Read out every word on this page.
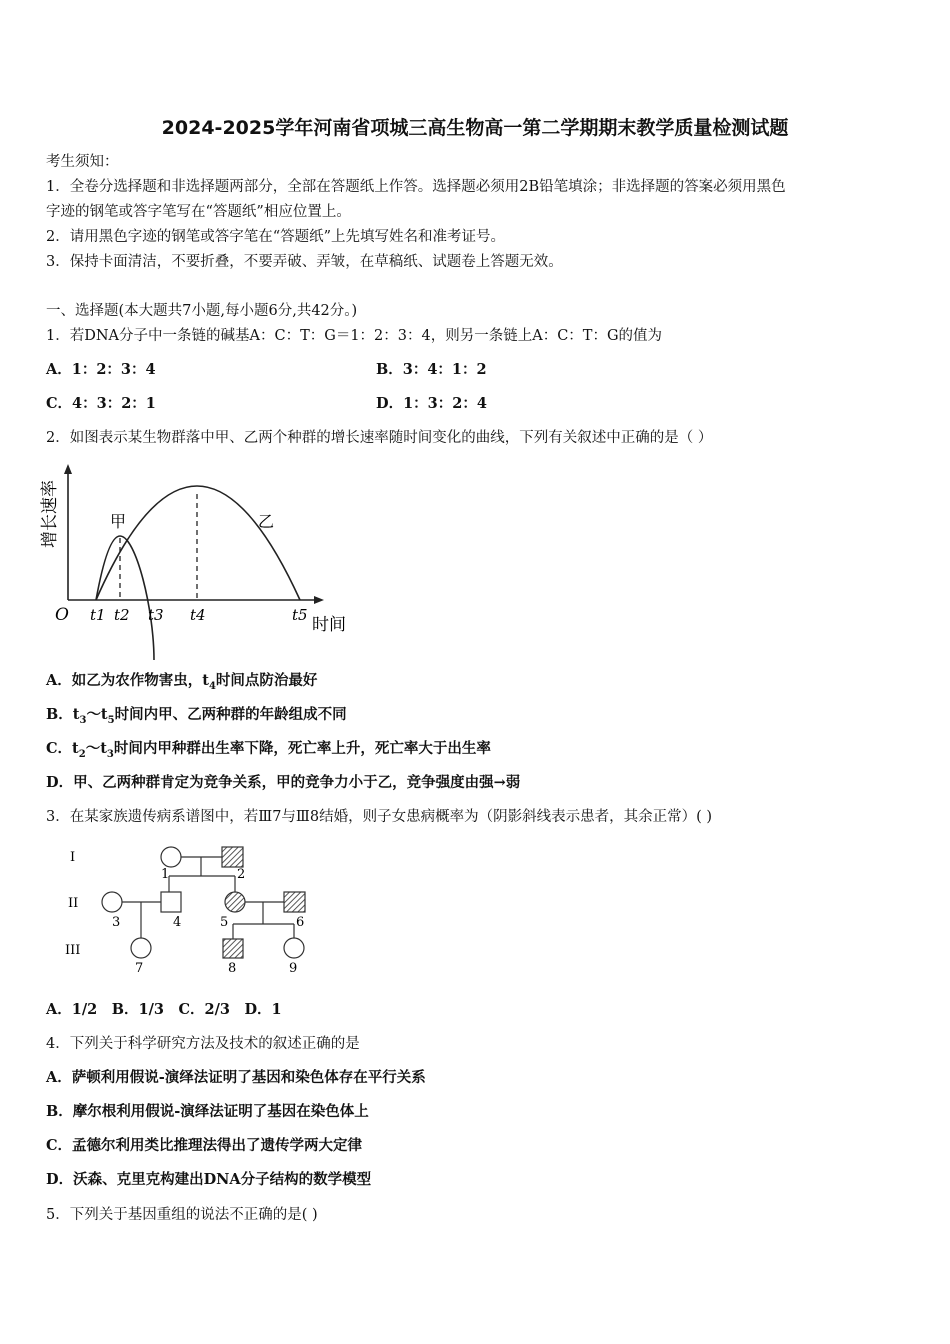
2024-2025学年河南省项城三高生物高一第二学期期末教学质量检测试题
考生须知：
1．全卷分选择题和非选择题两部分，全部在答题纸上作答。选择题必须用2B铅笔填涂；非选择题的答案必须用黑色
字迹的钢笔或答字笔写在“答题纸”相应位置上。
2．请用黑色字迹的钢笔或答字笔在“答题纸”上先填写姓名和准考证号。
3．保持卡面清洁，不要折叠，不要弄破、弄皱，在草稿纸、试题卷上答题无效。
一、选择题(本大题共7小题,每小题6分,共42分。)
1．若DNA分子中一条链的碱基A：C：T：G＝1：2：3：4，则另一条链上A：C：T：G的值为
A．1：2：3：4	B．3：4：1：2
C．4：3：2：1	D．1：3：2：4
2．如图表示某生物群落中甲、乙两个种群的增长速率随时间变化的曲线，下列有关叙述中正确的是（ ）
增长速率
O t1 t2 t3 t4	t5 时间
甲	乙
A．如乙为农作物害虫，$t_4$时间点防治最好
B．$t_3\sim t_5$时间内甲、乙两种群的年龄组成不同
C．$t_2\sim t_3$时间内甲种群出生率下降，死亡率上升，死亡率大于出生率
D．甲、乙两种群肯定为竞争关系，甲的竞争力小于乙，竞争强度由强→弱
3．在某家族遗传病系谱图中，若Ⅲ7与Ⅲ8结婚，则子女患病概率为（阴影斜线表示患者，其余正常）( )
I
II
III
1	2
3	4	5	6
7	8	9
A．1/2　B．1/3　C．2/3　D．1
4．下列关于科学研究方法及技术的叙述正确的是
A．萨顿利用假说-演绎法证明了基因和染色体存在平行关系
B．摩尔根利用假说-演绎法证明了基因在染色体上
C．孟德尔利用类比推理法得出了遗传学两大定律
D．沃森、克里克构建出DNA分子结构的数学模型
5．下列关于基因重组的说法不正确的是( )
